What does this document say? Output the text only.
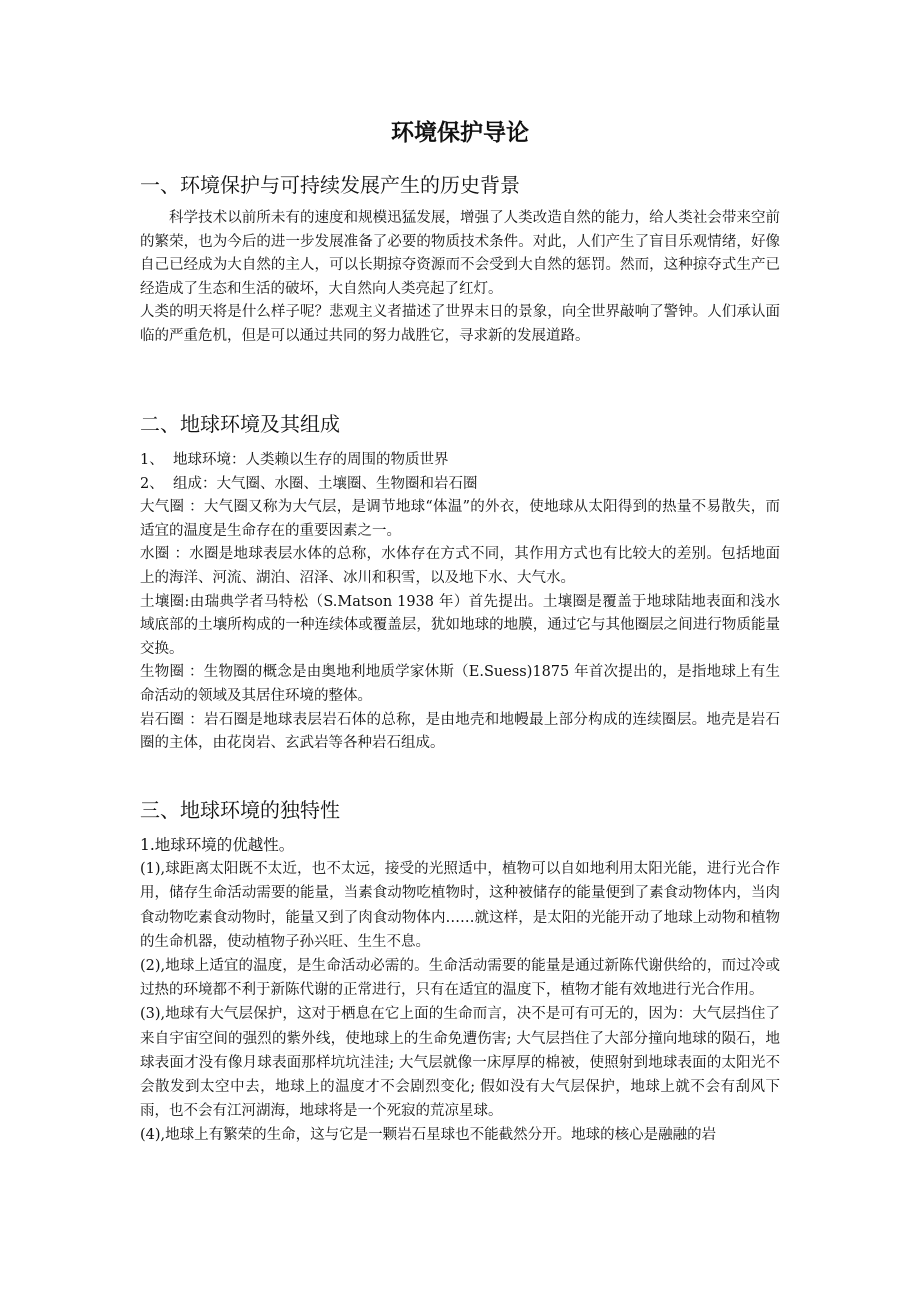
环境保护导论
一、环境保护与可持续发展产生的历史背景

科学技术以前所未有的速度和规模迅猛发展，增强了人类改造自然的能力，给人类社会带来空前的繁荣，也为今后的进一步发展准备了必要的物质技术条件。对此，人们产生了盲目乐观情绪，好像自己已经成为大自然的主人，可以长期掠夺资源而不会受到大自然的惩罚。然而，这种掠夺式生产已经造成了生态和生活的破坏，大自然向人类亮起了红灯。

人类的明天将是什么样子呢？悲观主义者描述了世界末日的景象，向全世界敲响了警钟。人们承认面临的严重危机，但是可以通过共同的努力战胜它，寻求新的发展道路。

二、地球环境及其组成

1、  地球环境：人类赖以生存的周围的物质世界

2、  组成：大气圈、水圈、土壤圈、生物圈和岩石圈

大气圈 ：大气圈又称为大气层，是调节地球“体温”的外衣，使地球从太阳得到的热量不易散失，而适宜的温度是生命存在的重要因素之一。

水圈 ：水圈是地球表层水体的总称，水体存在方式不同，其作用方式也有比较大的差别。包括地面上的海洋、河流、湖泊、沼泽、冰川和积雪，以及地下水、大气水。

土壤圈:由瑞典学者马特松（S.Matson 1938 年）首先提出。土壤圈是覆盖于地球陆地表面和浅水域底部的土壤所构成的一种连续体或覆盖层，犹如地球的地膜，通过它与其他圈层之间进行物质能量交换。

生物圈 ：生物圈的概念是由奥地利地质学家休斯（E.Suess)1875 年首次提出的，是指地球上有生命活动的领域及其居住环境的整体。

岩石圈 ：岩石圈是地球表层岩石体的总称，是由地壳和地幔最上部分构成的连续圈层。地壳是岩石圈的主体，由花岗岩、玄武岩等各种岩石组成。

三、地球环境的独特性

1.地球环境的优越性。

(1),球距离太阳既不太近，也不太远，接受的光照适中，植物可以自如地利用太阳光能，进行光合作用，储存生命活动需要的能量，当素食动物吃植物时，这种被储存的能量便到了素食动物体内，当肉食动物吃素食动物时，能量又到了肉食动物体内……就这样，是太阳的光能开动了地球上动物和植物的生命机器，使动植物子孙兴旺、生生不息。

(2),地球上适宜的温度，是生命活动必需的。生命活动需要的能量是通过新陈代谢供给的，而过冷或过热的环境都不利于新陈代谢的正常进行，只有在适宜的温度下，植物才能有效地进行光合作用。

(3),地球有大气层保护，这对于栖息在它上面的生命而言，决不是可有可无的，因为：大气层挡住了来自宇宙空间的强烈的紫外线，使地球上的生命免遭伤害; 大气层挡住了大部分撞向地球的陨石，地球表面才没有像月球表面那样坑坑洼洼; 大气层就像一床厚厚的棉被，使照射到地球表面的太阳光不会散发到太空中去，地球上的温度才不会剧烈变化; 假如没有大气层保护，地球上就不会有刮风下雨，也不会有江河湖海，地球将是一个死寂的荒凉星球。

(4),地球上有繁荣的生命，这与它是一颗岩石星球也不能截然分开。地球的核心是融融的岩
